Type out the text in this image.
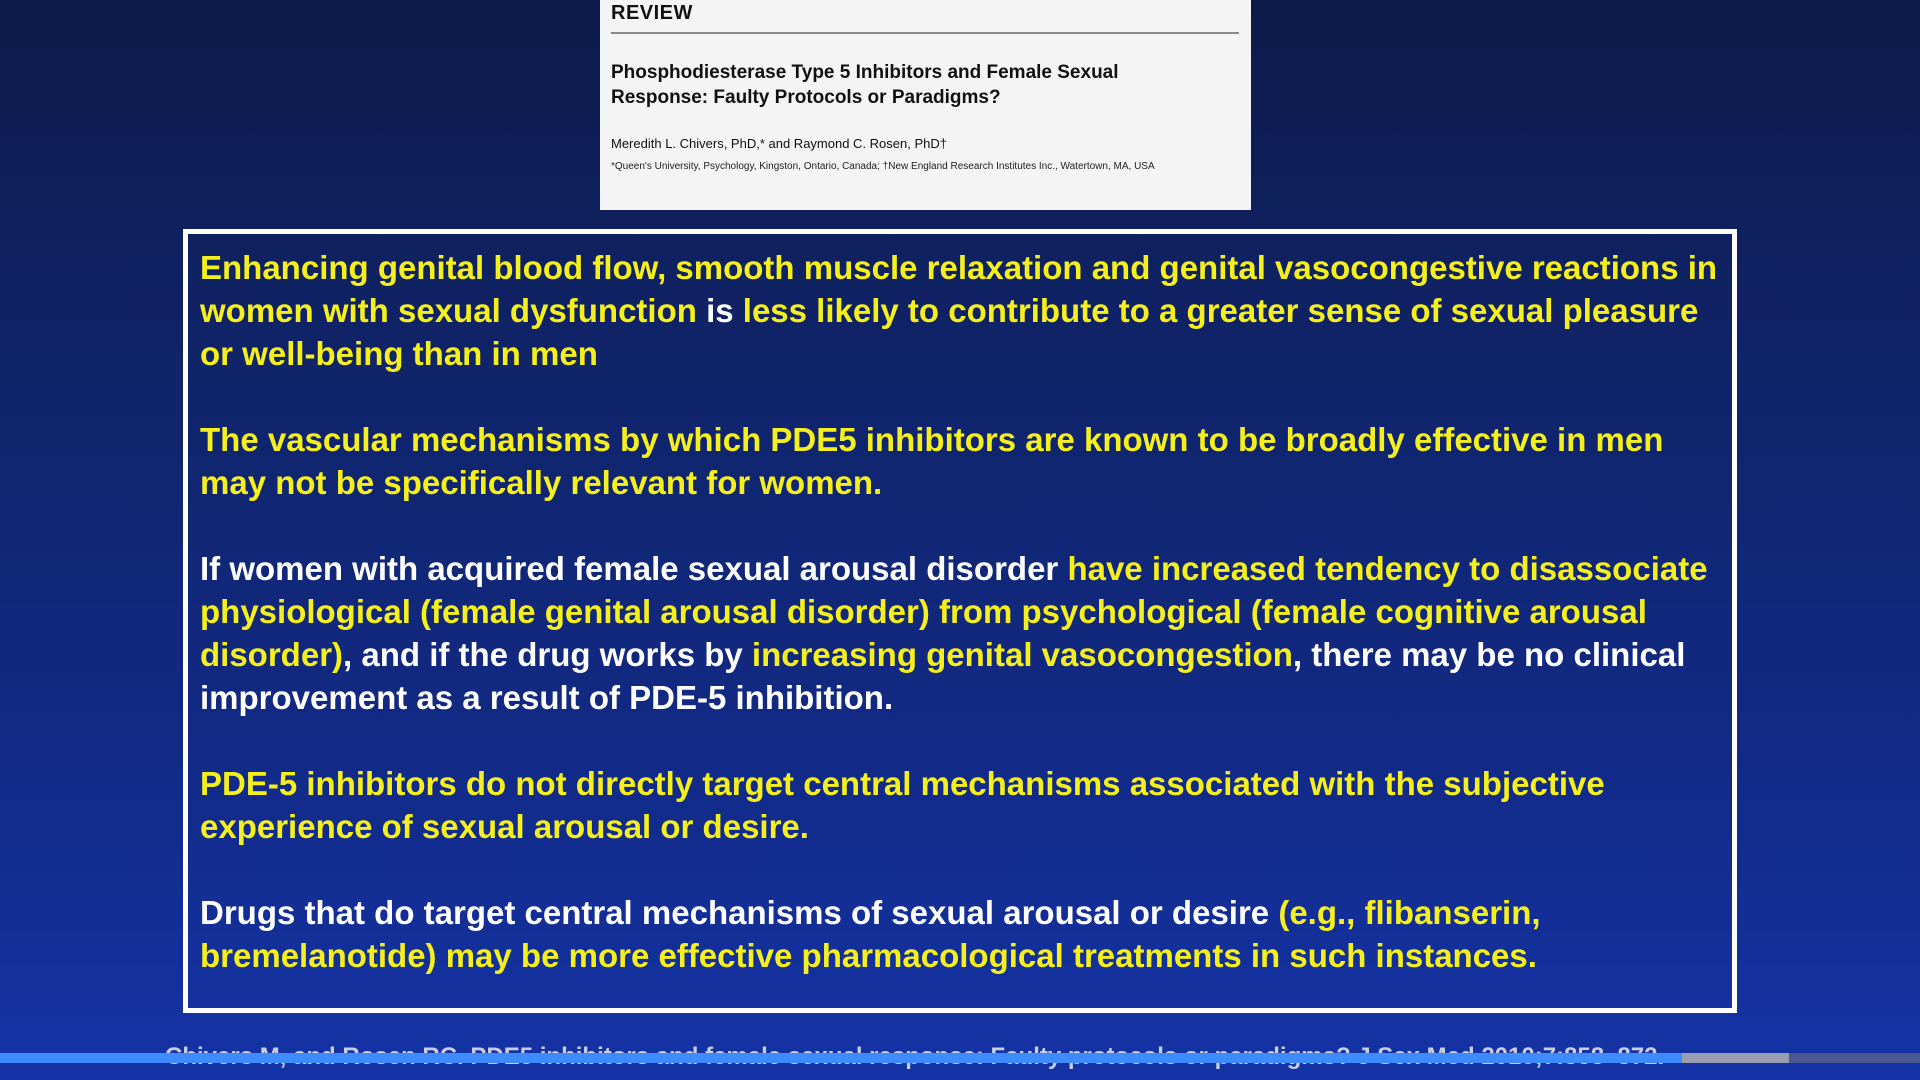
REVIEW
Phosphodiesterase Type 5 Inhibitors and Female Sexual
Response: Faulty Protocols or Paradigms?
Meredith L. Chivers, PhD,* and Raymond C. Rosen, PhD†
*Queen's University, Psychology, Kingston, Ontario, Canada; †New England Research Institutes Inc., Watertown, MA, USA

Enhancing genital blood flow, smooth muscle relaxation and genital vasocongestive reactions in women with sexual dysfunction is less likely to contribute to a greater sense of sexual pleasure or well-being than in men

The vascular mechanisms by which PDE5 inhibitors are known to be broadly effective in men may not be specifically relevant for women.

If women with acquired female sexual arousal disorder have increased tendency to disassociate physiological (female genital arousal disorder) from psychological (female cognitive arousal disorder), and if the drug works by increasing genital vasocongestion, there may be no clinical improvement as a result of PDE-5 inhibition.

PDE-5 inhibitors do not directly target central mechanisms associated with the subjective experience of sexual arousal or desire.

Drugs that do target central mechanisms of sexual arousal or desire (e.g., flibanserin, bremelanotide) may be more effective pharmacological treatments in such instances.
